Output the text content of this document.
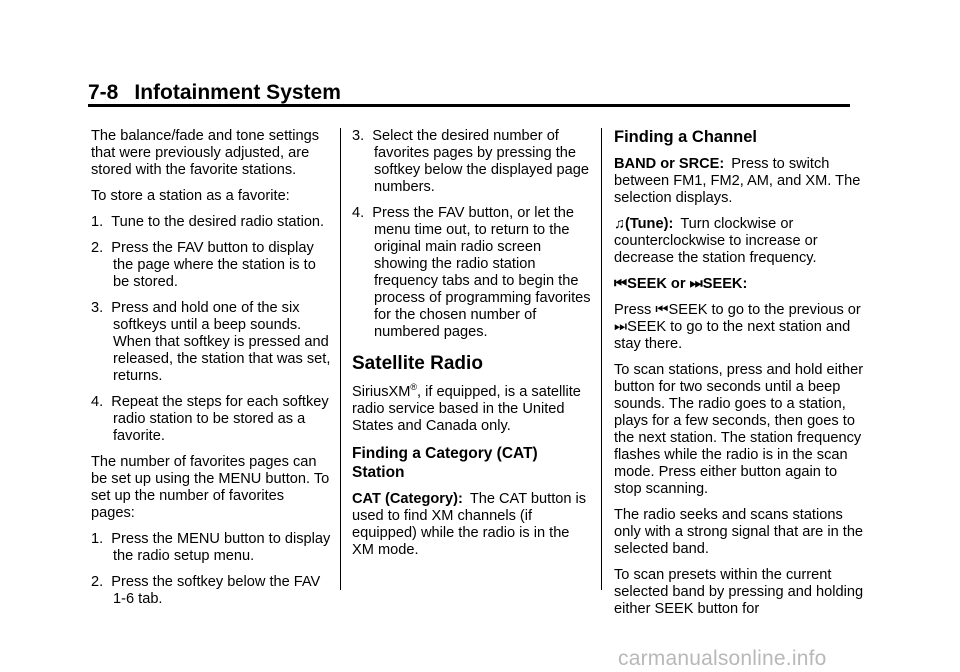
7-8 Infotainment System

The balance/fade and tone settings that were previously adjusted, are stored with the favorite stations.

To store a station as a favorite:

1.  Tune to the desired radio station.
2.  Press the FAV button to display the page where the station is to be stored.
3.  Press and hold one of the six softkeys until a beep sounds. When that softkey is pressed and released, the station that was set, returns.
4.  Repeat the steps for each softkey radio station to be stored as a favorite.

The number of favorites pages can be set up using the MENU button. To set up the number of favorites pages:

1.  Press the MENU button to display the radio setup menu.
2.  Press the softkey below the FAV 1-6 tab.
3.  Select the desired number of favorites pages by pressing the softkey below the displayed page numbers.
4.  Press the FAV button, or let the menu time out, to return to the original main radio screen showing the radio station frequency tabs and to begin the process of programming favorites for the chosen number of numbered pages.
Satellite Radio

SiriusXM®, if equipped, is a satellite radio service based in the United States and Canada only.

Finding a Category (CAT)
Station

CAT (Category): The CAT button is used to find XM channels (if equipped) while the radio is in the XM mode.

Finding a Channel

BAND or SRCE: Press to switch between FM1, FM2, AM, and XM. The selection displays.

♫(Tune): Turn clockwise or counterclockwise to increase or decrease the station frequency.

⏮SEEK or ⏭SEEK:

Press ⏮SEEK to go to the previous or ⏭SEEK to go to the next station and stay there.

To scan stations, press and hold either button for two seconds until a beep sounds. The radio goes to a station, plays for a few seconds, then goes to the next station. The station frequency flashes while the radio is in the scan mode. Press either button again to stop scanning.

The radio seeks and scans stations only with a strong signal that are in the selected band.

To scan presets within the current selected band by pressing and holding either SEEK button for

carmanualsonline.info
